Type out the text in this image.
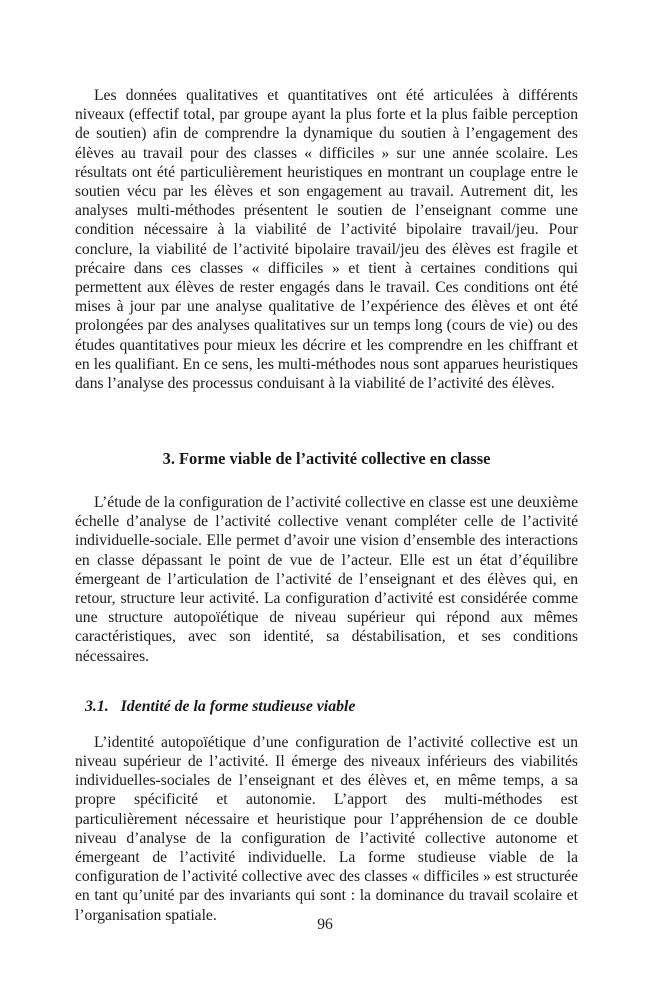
Les données qualitatives et quantitatives ont été articulées à différents niveaux (effectif total, par groupe ayant la plus forte et la plus faible perception de soutien) afin de comprendre la dynamique du soutien à l’engagement des élèves au travail pour des classes « difficiles » sur une année scolaire. Les résultats ont été particulièrement heuristiques en montrant un couplage entre le soutien vécu par les élèves et son engagement au travail. Autrement dit, les analyses multi-méthodes présentent le soutien de l’enseignant comme une condition nécessaire à la viabilité de l’activité bipolaire travail/jeu. Pour conclure, la viabilité de l’activité bipolaire travail/jeu des élèves est fragile et précaire dans ces classes « difficiles » et tient à certaines conditions qui permettent aux élèves de rester engagés dans le travail. Ces conditions ont été mises à jour par une analyse qualitative de l’expérience des élèves et ont été prolongées par des analyses qualitatives sur un temps long (cours de vie) ou des études quantitatives pour mieux les décrire et les comprendre en les chiffrant et en les qualifiant. En ce sens, les multi-méthodes nous sont apparues heuristiques dans l’analyse des processus conduisant à la viabilité de l’activité des élèves.

3. Forme viable de l’activité collective en classe

L’étude de la configuration de l’activité collective en classe est une deuxième échelle d’analyse de l’activité collective venant compléter celle de l’activité individuelle-sociale. Elle permet d’avoir une vision d’ensemble des interactions en classe dépassant le point de vue de l’acteur. Elle est un état d’équilibre émergeant de l’articulation de l’activité de l’enseignant et des élèves qui, en retour, structure leur activité. La configuration d’activité est considérée comme une structure autopoïétique de niveau supérieur qui répond aux mêmes caractéristiques, avec son identité, sa déstabilisation, et ses conditions nécessaires.

3.1. Identité de la forme studieuse viable

L’identité autopoïétique d’une configuration de l’activité collective est un niveau supérieur de l’activité. Il émerge des niveaux inférieurs des viabilités individuelles-sociales de l’enseignant et des élèves et, en même temps, a sa propre spécificité et autonomie. L’apport des multi-méthodes est particulièrement nécessaire et heuristique pour l’appréhension de ce double niveau d’analyse de la configuration de l’activité collective autonome et émergeant de l’activité individuelle. La forme studieuse viable de la configuration de l’activité collective avec des classes « difficiles » est structurée en tant qu’unité par des invariants qui sont : la dominance du travail scolaire et l’organisation spatiale.

96
